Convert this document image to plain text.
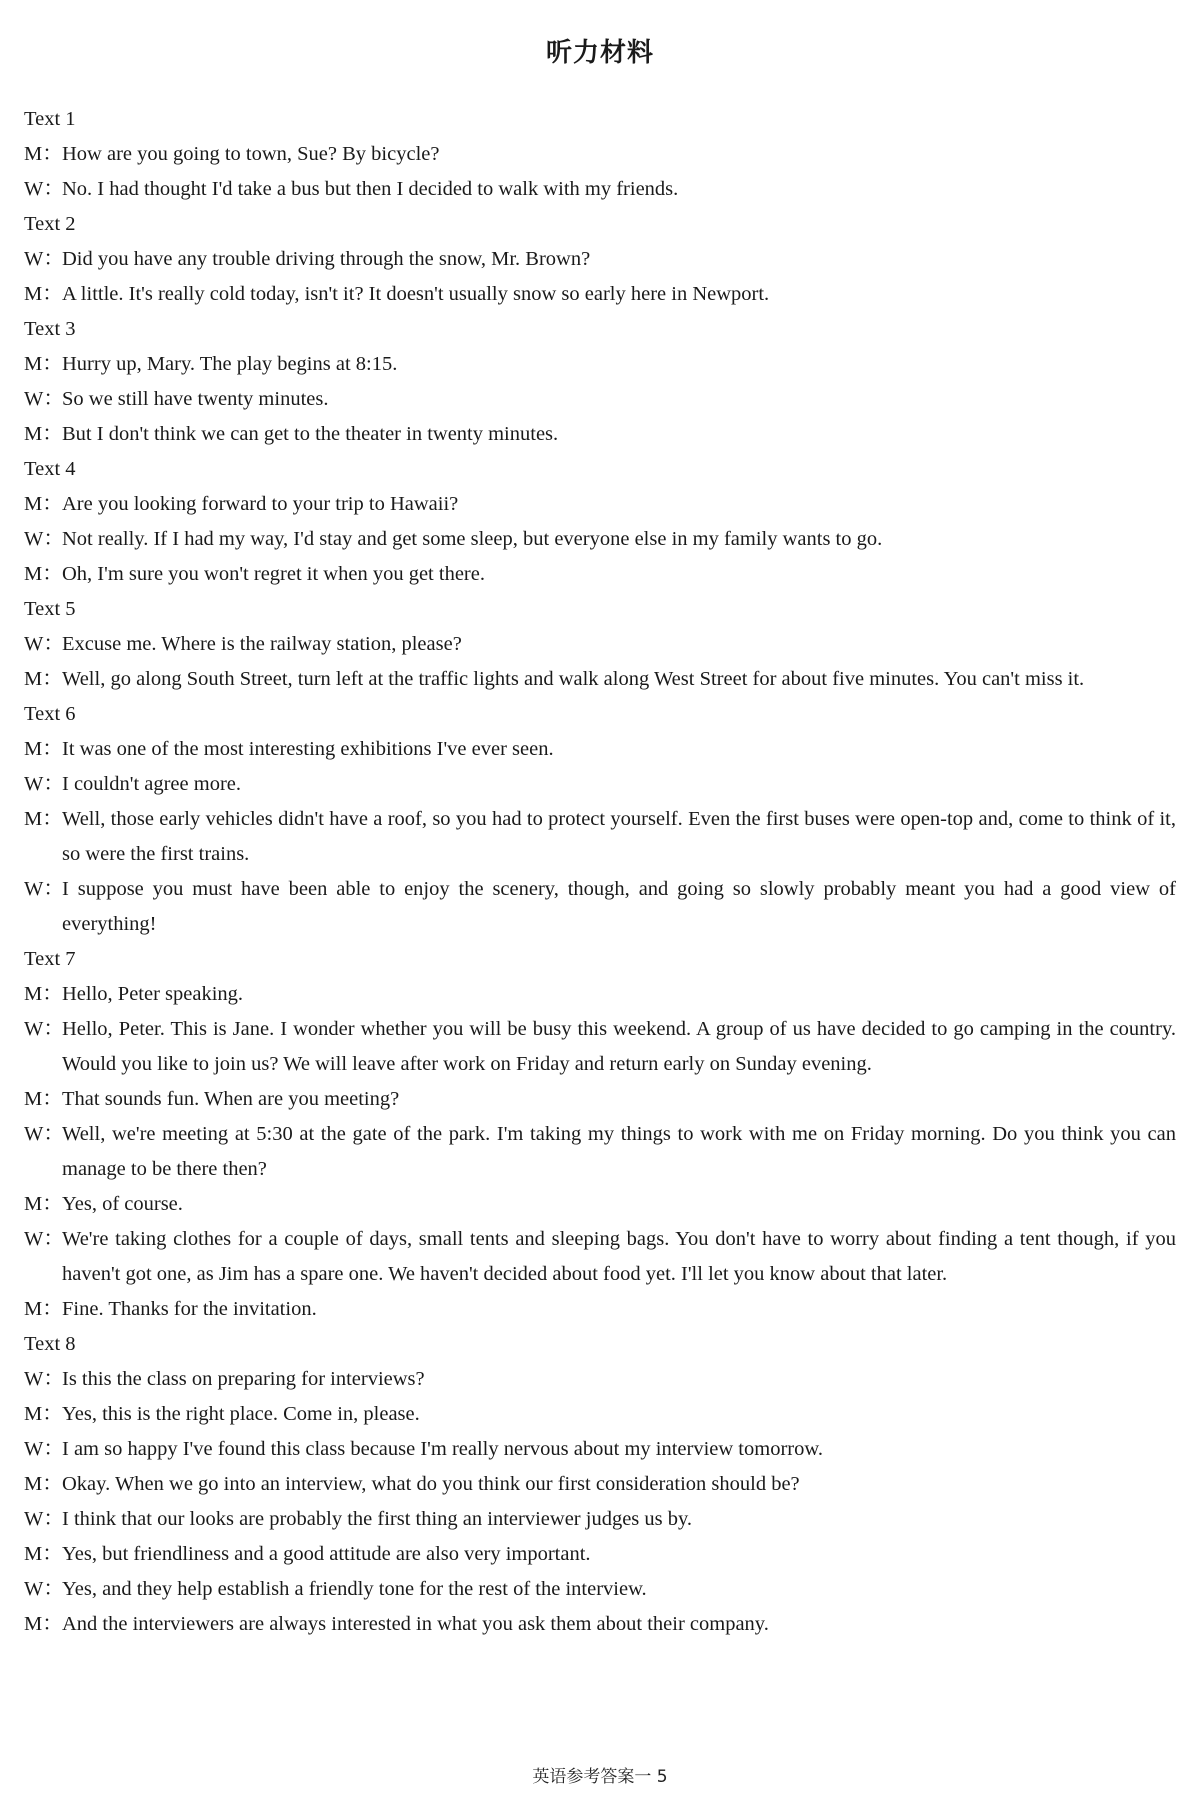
听力材料
Text 1
M： How are you going to town, Sue? By bicycle?
W：
No. I had thought I'd take a bus but then I decided to walk with my friends.
Text 2
W：
Did you have any trouble driving through the snow, Mr. Brown?
M： A little. It's really cold today, isn't it? It doesn't usually snow so early here in Newport.
Text 3
M： Hurry up, Mary. The play begins at 8:15.
W：
So we still have twenty minutes.
M： But I don't think we can get to the theater in twenty minutes.
Text 4
M： Are you looking forward to your trip to Hawaii?
W：
Not really. If I had my way, I'd stay and get some sleep, but everyone else in my family wants to go.
M： Oh, I'm sure you won't regret it when you get there.
Text 5
W：
Excuse me. Where is the railway station, please?
M： Well, go along South Street, turn left at the traffic lights and walk along West Street for about five minutes. You can't miss it.
Text 6
M： It was one of the most interesting exhibitions I've ever seen.
W：
I couldn't agree more.
M： Well, those early vehicles didn't have a roof, so you had to protect yourself. Even the first buses were open-top and, come to think of it, so were the first trains.
W：
I suppose you must have been able to enjoy the scenery, though, and going so slowly probably meant you had a good view of everything!
Text 7
M： Hello, Peter speaking.
W：
Hello, Peter. This is Jane. I wonder whether you will be busy this weekend. A group of us have decided to go camping in the country. Would you like to join us? We will leave after work on Friday and return early on Sunday evening.
M： That sounds fun. When are you meeting?
W：
Well, we're meeting at 5:30 at the gate of the park. I'm taking my things to work with me on Friday morning. Do you think you can manage to be there then?
M： Yes, of course.
W：
We're taking clothes for a couple of days, small tents and sleeping bags. You don't have to worry about finding a tent though, if you haven't got one, as Jim has a spare one. We haven't decided about food yet. I'll let you know about that later.
M： Fine. Thanks for the invitation.
Text 8
W：
Is this the class on preparing for interviews?
M： Yes, this is the right place. Come in, please.
W：
I am so happy I've found this class because I'm really nervous about my interview tomorrow.
M： Okay. When we go into an interview, what do you think our first consideration should be?
W：
I think that our looks are probably the first thing an interviewer judges us by.
M： Yes, but friendliness and a good attitude are also very important.
W：
Yes, and they help establish a friendly tone for the rest of the interview.
M： And the interviewers are always interested in what you ask them about their company.
英语参考答案一 5
